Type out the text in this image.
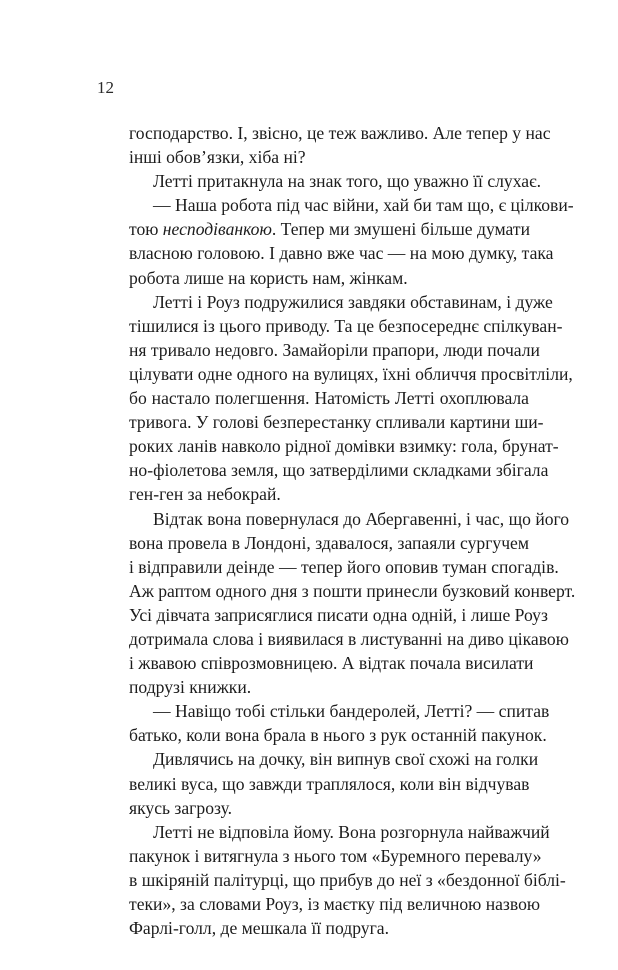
12
господарство. І, звісно, це теж важливо. Але тепер у нас
інші обов’язки, хіба ні?
Летті притакнула на знак того, що уважно її слухає.
— Наша робота під час війни, хай би там що, є цілкови-
тою несподіванкою. Тепер ми змушені більше думати
власною головою. І давно вже час — на мою думку, така
робота лише на користь нам, жінкам.
Летті і Роуз подружилися завдяки обставинам, і дуже
тішилися із цього приводу. Та це безпосереднє спілкуван-
ня тривало недовго. Замайоріли прапори, люди почали
цілувати одне одного на вулицях, їхні обличчя просвітліли,
бо настало полегшення. Натомість Летті охоплювала
тривога. У голові безперестанку спливали картини ши-
роких ланів навколо рідної домівки взимку: гола, брунат-
но-фіолетова земля, що затверділими складками збігала
ген-ген за небокрай.
Відтак вона повернулася до Абергавенні, і час, що його
вона провела в Лондоні, здавалося, запаяли сургучем
і відправили деінде — тепер його оповив туман спогадів.
Аж раптом одного дня з пошти принесли бузковий конверт.
Усі дівчата заприсяглися писати одна одній, і лише Роуз
дотримала слова і виявилася в листуванні на диво цікавою
і жвавою співрозмовницею. А відтак почала висилати
подрузі книжки.
— Навіщо тобі стільки бандеролей, Летті? — спитав
батько, коли вона брала в нього з рук останній пакунок.
Дивлячись на дочку, він випнув свої схожі на голки
великі вуса, що завжди траплялося, коли він відчував
якусь загрозу.
Летті не відповіла йому. Вона розгорнула найважчий
пакунок і витягнула з нього том «Буремного перевалу»
в шкіряній палітурці, що прибув до неї з «бездонної біблі-
теки», за словами Роуз, із маєтку під величною назвою
Фарлі-голл, де мешкала її подруга.
